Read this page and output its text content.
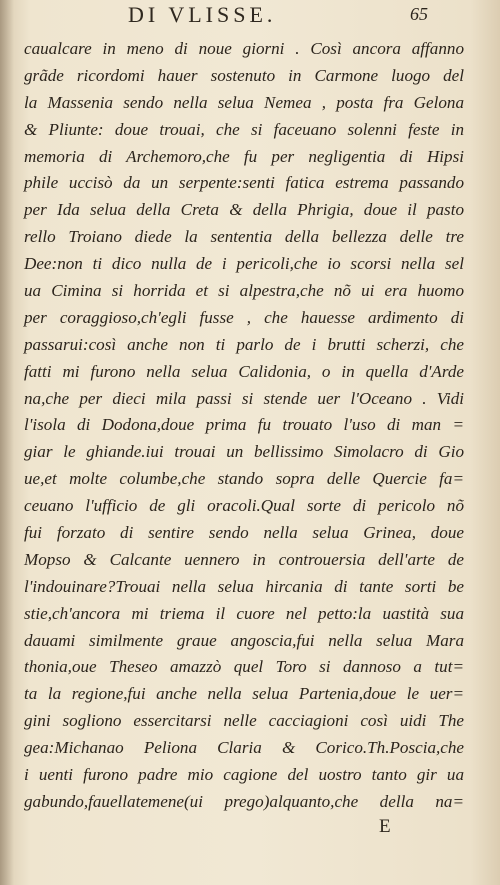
DI VLISSE.	65
caualcare in meno di noue giorni . Così ancora affanno
grãde ricordomi hauer sostenuto in Carmone luogo del
la Massenia sendo nella selua Nemea , posta fra Gelona
& Pliunte: doue trouai, che si faceuano solenni feste in
memoria di Archemoro,che fu per negligentia di Hipsi
phile uccisò da un serpente:senti fatica estrema passando
per Ida selua della Creta & della Phrigia, doue il pasto
rello Troiano diede la sententia della bellezza delle tre
Dee:non ti dico nulla de i pericoli,che io scorsi nella sel
ua Cimina si horrida et si alpestra,che nõ ui era huomo
per coraggioso,ch'egli fusse , che hauesse ardimento di
passarui:così anche non ti parlo de i brutti scherzi, che
fatti mi furono nella selua Calidonia, o in quella d'Arde
na,che per dieci mila passi si stende uer l'Oceano . Vidi
l'isola di Dodona,doue prima fu trouato l'uso di man =
giar le ghiande.iui trouai un bellissimo Simolacro di Gio
ue,et molte columbe,che stando sopra delle Quercie fa=
ceuano l'ufficio de gli oracoli.Qual sorte di pericolo nõ
fui forzato di sentire sendo nella selua Grinea, doue
Mopso & Calcante uennero in controuersia dell'arte de
l'indouinare?Trouai nella selua hircania di tante sorti be
stie,ch'ancora mi triema il cuore nel petto:la uastità sua
dauami similmente graue angoscia,fui nella selua Mara
thonia,oue Theseo amazzò quel Toro si dannoso a tut=
ta la regione,fui anche nella selua Partenia,doue le uer=
gini sogliono essercitarsi nelle cacciagioni così uidi The
gea:Michanao Peliona Claria & Corico.Th.Poscia,che
i uenti furono padre mio cagione del uostro tanto gir ua
gabundo,fauellatemene(ui prego)alquanto,che della na=
E
